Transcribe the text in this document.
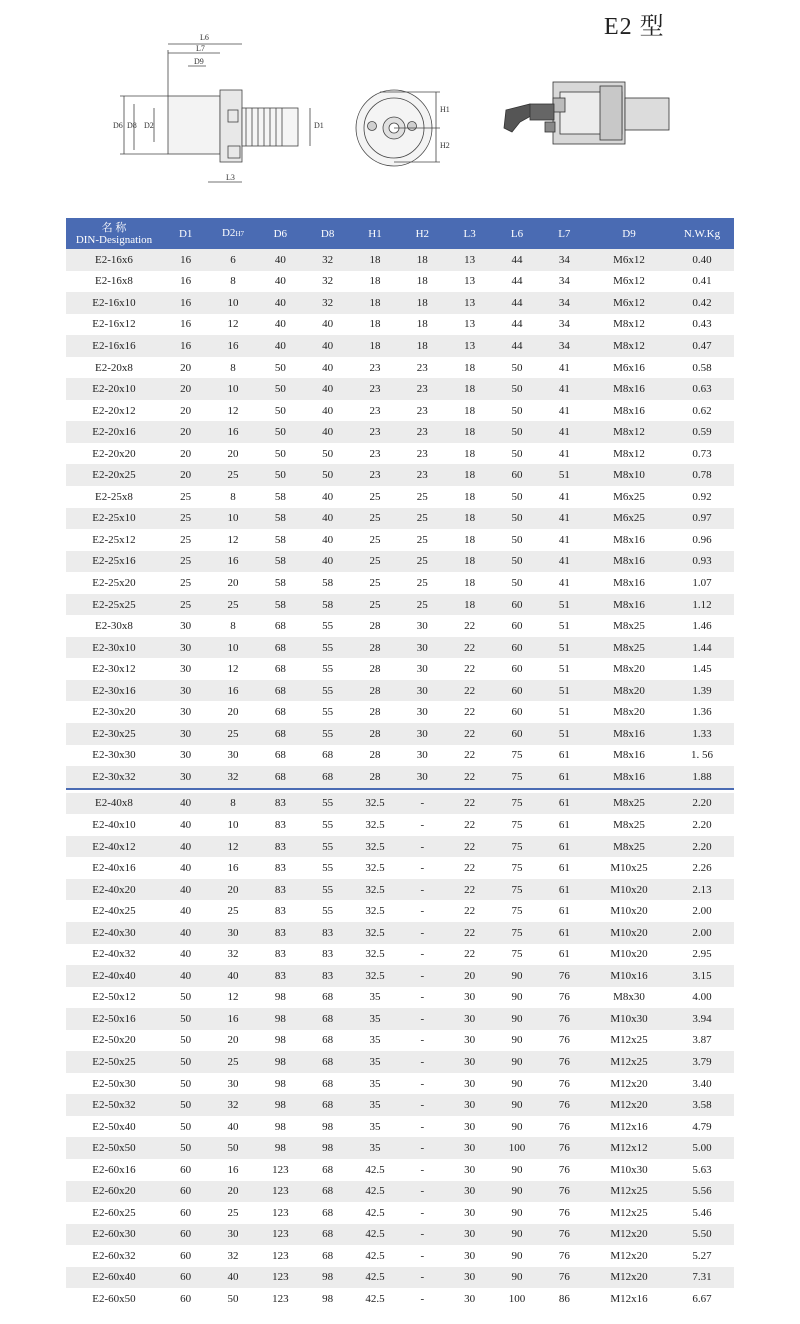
E2 型
L6
L7
D9
D6 D8 D2	D1
L3
H1
H2
名 称
DIN-Designation	D1	D2H7	D6	D8	H1	H2	L3	L6	L7	D9	N.W.Kg
E2-16x6	16	6	40	32	18	18	13	44	34	M6x12	0.40
E2-16x8	16	8	40	32	18	18	13	44	34	M6x12	0.41
E2-16x10	16	10	40	32	18	18	13	44	34	M6x12	0.42
E2-16x12	16	12	40	40	18	18	13	44	34	M8x12	0.43
E2-16x16	16	16	40	40	18	18	13	44	34	M8x12	0.47
E2-20x8	20	8	50	40	23	23	18	50	41	M6x16	0.58
E2-20x10	20	10	50	40	23	23	18	50	41	M8x16	0.63
E2-20x12	20	12	50	40	23	23	18	50	41	M8x16	0.62
E2-20x16	20	16	50	40	23	23	18	50	41	M8x12	0.59
E2-20x20	20	20	50	50	23	23	18	50	41	M8x12	0.73
E2-20x25	20	25	50	50	23	23	18	60	51	M8x10	0.78
E2-25x8	25	8	58	40	25	25	18	50	41	M6x25	0.92
E2-25x10	25	10	58	40	25	25	18	50	41	M6x25	0.97
E2-25x12	25	12	58	40	25	25	18	50	41	M8x16	0.96
E2-25x16	25	16	58	40	25	25	18	50	41	M8x16	0.93
E2-25x20	25	20	58	58	25	25	18	50	41	M8x16	1.07
E2-25x25	25	25	58	58	25	25	18	60	51	M8x16	1.12
E2-30x8	30	8	68	55	28	30	22	60	51	M8x25	1.46
E2-30x10	30	10	68	55	28	30	22	60	51	M8x25	1.44
E2-30x12	30	12	68	55	28	30	22	60	51	M8x20	1.45
E2-30x16	30	16	68	55	28	30	22	60	51	M8x20	1.39
E2-30x20	30	20	68	55	28	30	22	60	51	M8x20	1.36
E2-30x25	30	25	68	55	28	30	22	60	51	M8x16	1.33
E2-30x30	30	30	68	68	28	30	22	75	61	M8x16	1. 56
E2-30x32	30	32	68	68	28	30	22	75	61	M8x16	1.88

E2-40x8	40	8	83	55	32.5	-	22	75	61	M8x25	2.20
E2-40x10	40	10	83	55	32.5	-	22	75	61	M8x25	2.20
E2-40x12	40	12	83	55	32.5	-	22	75	61	M8x25	2.20
E2-40x16	40	16	83	55	32.5	-	22	75	61	M10x25	2.26
E2-40x20	40	20	83	55	32.5	-	22	75	61	M10x20	2.13
E2-40x25	40	25	83	55	32.5	-	22	75	61	M10x20	2.00
E2-40x30	40	30	83	83	32.5	-	22	75	61	M10x20	2.00
E2-40x32	40	32	83	83	32.5	-	22	75	61	M10x20	2.95
E2-40x40	40	40	83	83	32.5	-	20	90	76	M10x16	3.15
E2-50x12	50	12	98	68	35	-	30	90	76	M8x30	4.00
E2-50x16	50	16	98	68	35	-	30	90	76	M10x30	3.94
E2-50x20	50	20	98	68	35	-	30	90	76	M12x25	3.87
E2-50x25	50	25	98	68	35	-	30	90	76	M12x25	3.79
E2-50x30	50	30	98	68	35	-	30	90	76	M12x20	3.40
E2-50x32	50	32	98	68	35	-	30	90	76	M12x20	3.58
E2-50x40	50	40	98	98	35	-	30	90	76	M12x16	4.79
E2-50x50	50	50	98	98	35	-	30	100	76	M12x12	5.00
E2-60x16	60	16	123	68	42.5	-	30	90	76	M10x30	5.63
E2-60x20	60	20	123	68	42.5	-	30	90	76	M12x25	5.56
E2-60x25	60	25	123	68	42.5	-	30	90	76	M12x25	5.46
E2-60x30	60	30	123	68	42.5	-	30	90	76	M12x20	5.50
E2-60x32	60	32	123	68	42.5	-	30	90	76	M12x20	5.27
E2-60x40	60	40	123	98	42.5	-	30	90	76	M12x20	7.31
E2-60x50	60	50	123	98	42.5	-	30	100	86	M12x16	6.67
